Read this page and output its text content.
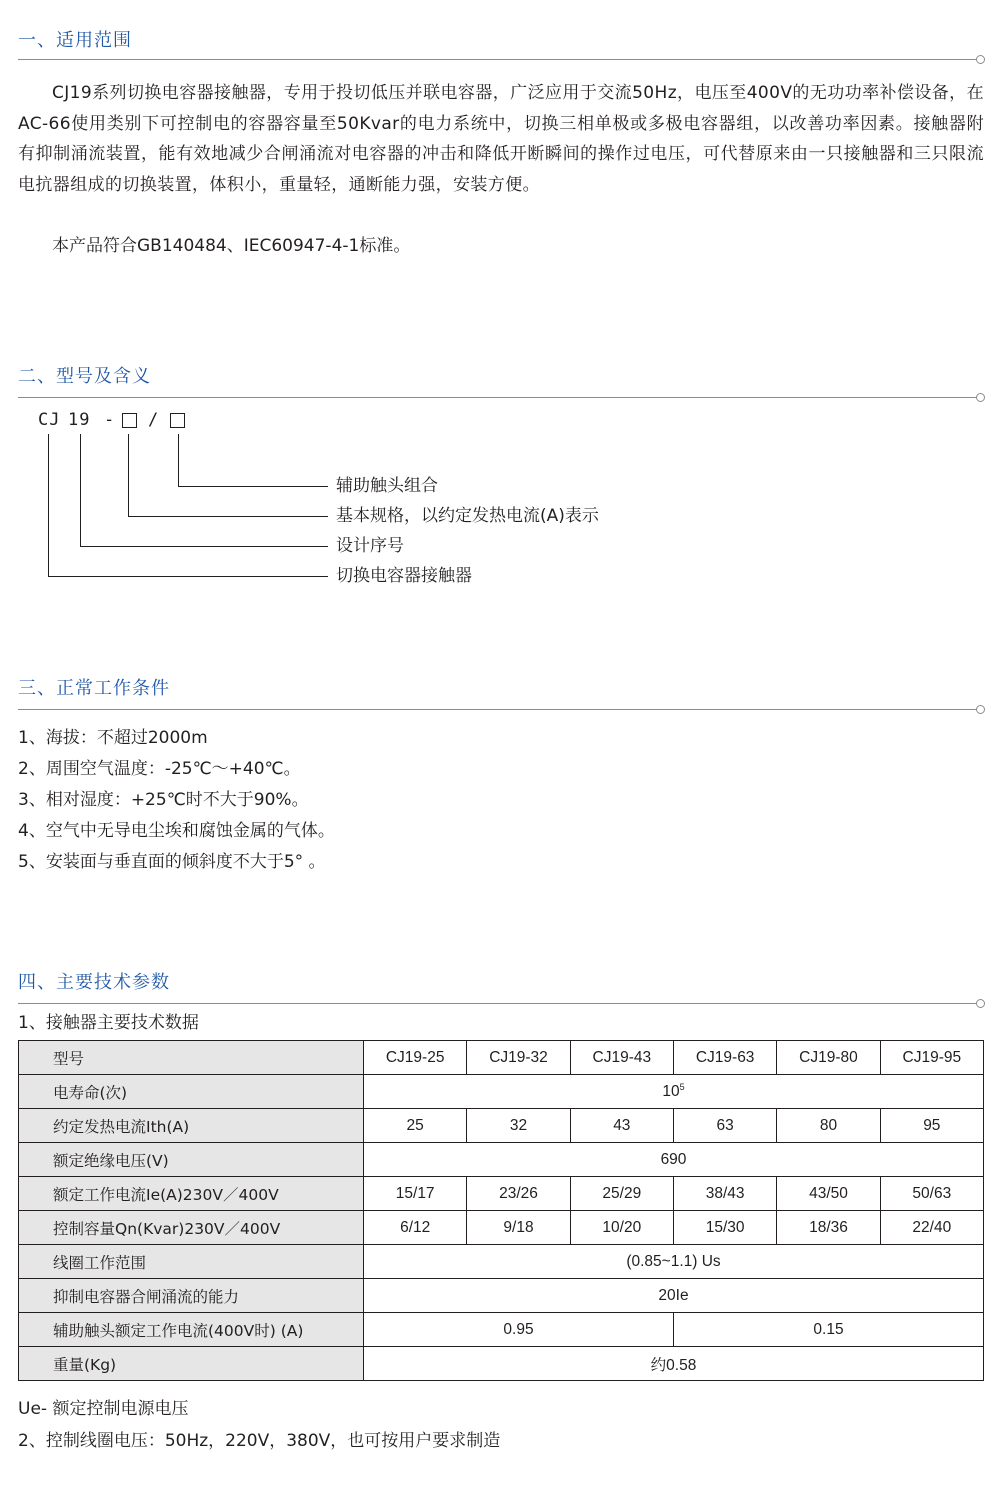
一、适用范围

CJ19系列切换电容器接触器，专用于投切低压并联电容器，广泛应用于交流50Hz，电压至400V的无功功率补偿设备，在AC-66使用类别下可控制电的容器容量至50Kvar的电力系统中，切换三相单极或多极电容器组，以改善功率因素。接触器附有抑制涌流装置，能有效地减少合闸涌流对电容器的冲击和降低开断瞬间的操作过电压，可代替原来由一只接触器和三只限流电抗器组成的切换装置，体积小，重量轻，通断能力强，安装方便。

本产品符合GB140484、IEC60947-4-1标准。

二、型号及含义
CJ 19 - /
辅助触头组合
基本规格，以约定发热电流(A)表示
设计序号
切换电容器接触器
三、正常工作条件
1、海拔：不超过2000m
2、周围空气温度：-25℃～+40℃。
3、相对湿度：+25℃时不大于90%。
4、空气中无导电尘埃和腐蚀金属的气体。
5、安装面与垂直面的倾斜度不大于5° 。
四、主要技术参数
1、接触器主要技术数据
型号	CJ19-25	CJ19-32	CJ19-43	CJ19-63	CJ19-80	CJ19-95
电寿命(次)	$10^5$
约定发热电流Ith(A)	25	32	43	63	80	95
额定绝缘电压(V)	690					
额定工作电流Ie(A)230V／400V	15/17	23/26	25/29	38/43	43/50	50/63
控制容量Qn(Kvar)230V／400V	6/12	9/18	10/20	15/30	18/36	22/40
线圈工作范围	(0.85~1.1) Us					
抑制电容器合闸涌流的能力	20Ie					
辅助触头额定工作电流(400V时) (A)	0.95			0.15		
重量(Kg)	约0.58					
Ue- 额定控制电源电压
2、控制线圈电压：50Hz，220V，380V，也可按用户要求制造
